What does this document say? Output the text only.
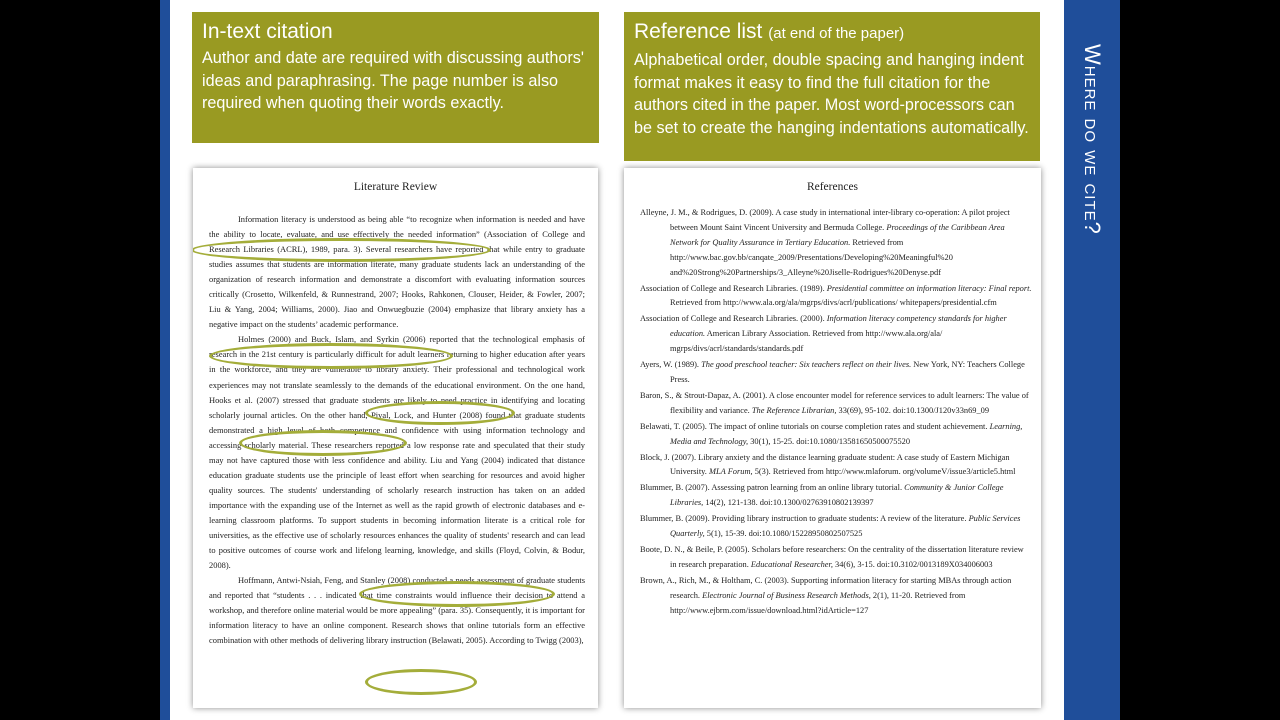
In-text citation
Author and date are required with discussing authors' ideas and paraphrasing. The page number is also required when quoting their words exactly.
Reference list (at end of the paper)
Alphabetical order, double spacing and hanging indent format makes it easy to find the full citation for the authors cited in the paper. Most word-processors can be set to create the hanging indentations automatically.
Literature Review

Information literacy is understood as being able “to recognize when information is needed and have the ability to locate, evaluate, and use effectively the needed information” (Association of College and Research Libraries (ACRL), 1989, para. 3). Several researchers have reported that while entry to graduate studies assumes that students are information literate, many graduate students lack an understanding of the organization of research information and demonstrate a discomfort with evaluating information sources critically (Crosetto, Wilkenfeld, & Runnestrand, 2007; Hooks, Rahkonen, Clouser, Heider, & Fowler, 2007; Liu & Yang, 2004; Williams, 2000). Jiao and Onwuegbuzie (2004) emphasize that library anxiety has a negative impact on the students’ academic performance.

Holmes (2000) and Buck, Islam, and Syrkin (2006) reported that the technological emphasis of research in the 21st century is particularly difficult for adult learners returning to higher education after years in the workforce, and they are vulnerable to library anxiety. Their professional and technological work experiences may not translate seamlessly to the demands of the educational environment. On the one hand, Hooks et al. (2007) stressed that graduate students are likely to need practice in identifying and locating scholarly journal articles. On the other hand, Pival, Lock, and Hunter (2008) found that graduate students demonstrated a high level of both competence and confidence with using information technology and accessing scholarly material. These researchers reported a low response rate and speculated that their study may not have captured those with less confidence and ability. Liu and Yang (2004) indicated that distance education graduate students use the principle of least effort when searching for resources and avoid higher quality sources. The students' understanding of scholarly research instruction has taken on an added importance with the expanding use of the Internet as well as the rapid growth of electronic databases and e-learning classroom platforms. To support students in becoming information literate is a critical role for universities, as the effective use of scholarly resources enhances the quality of students' research and can lead to positive outcomes of course work and lifelong learning, knowledge, and skills (Floyd, Colvin, & Bodur, 2008).

Hoffmann, Antwi-Nsiah, Feng, and Stanley (2008) conducted a needs assessment of graduate students and reported that “students . . . indicated that time constraints would influence their decision to attend a workshop, and therefore online material would be more appealing” (para. 35). Consequently, it is important for information literacy to have an online component. Research shows that online tutorials form an effective combination with other methods of delivering library instruction (Belawati, 2005). According to Twigg (2003),

References

Alleyne, J. M., & Rodrigues, D. (2009). A case study in international inter-library co-operation: A pilot project between Mount Saint Vincent University and Bermuda College. Proceedings of the Caribbean Area Network for Quality Assurance in Tertiary Education. Retrieved from http://www.bac.gov.bb/canqate_2009/Presentations/Developing%20Meaningful%20 and%20Strong%20Partnerships/3_Alleyne%20Jiselle-Rodrigues%20Denyse.pdf

Association of College and Research Libraries. (1989). Presidential committee on information literacy: Final report. Retrieved from http://www.ala.org/ala/mgrps/divs/acrl/publications/ whitepapers/presidential.cfm

Association of College and Research Libraries. (2000). Information literacy competency standards for higher education. American Library Association. Retrieved from http://www.ala.org/ala/ mgrps/divs/acrl/standards/standards.pdf

Ayers, W. (1989). The good preschool teacher: Six teachers reflect on their lives. New York, NY: Teachers College Press.

Baron, S., & Strout-Dapaz, A. (2001). A close encounter model for reference services to adult learners: The value of flexibility and variance. The Reference Librarian, 33(69), 95-102. doi:10.1300/J120v33n69_09

Belawati, T. (2005). The impact of online tutorials on course completion rates and student achievement. Learning, Media and Technology, 30(1), 15-25. doi:10.1080/13581650500075520

Block, J. (2007). Library anxiety and the distance learning graduate student: A case study of Eastern Michigan University. MLA Forum, 5(3). Retrieved from http://www.mlaforum. org/volumeV/issue3/article5.html

Blummer, B. (2007). Assessing patron learning from an online library tutorial. Community & Junior College Libraries, 14(2), 121-138. doi:10.1300/02763910802139397

Blummer, B. (2009). Providing library instruction to graduate students: A review of the literature. Public Services Quarterly, 5(1), 15-39. doi:10.1080/15228950802507525

Boote, D. N., & Beile, P. (2005). Scholars before researchers: On the centrality of the dissertation literature review in research preparation. Educational Researcher, 34(6), 3-15. doi:10.3102/0013189X034006003

Brown, A., Rich, M., & Holtham, C. (2003). Supporting information literacy for starting MBAs through action research. Electronic Journal of Business Research Methods, 2(1), 11-20. Retrieved from http://www.ejbrm.com/issue/download.html?idArticle=127

Where do we cite?
